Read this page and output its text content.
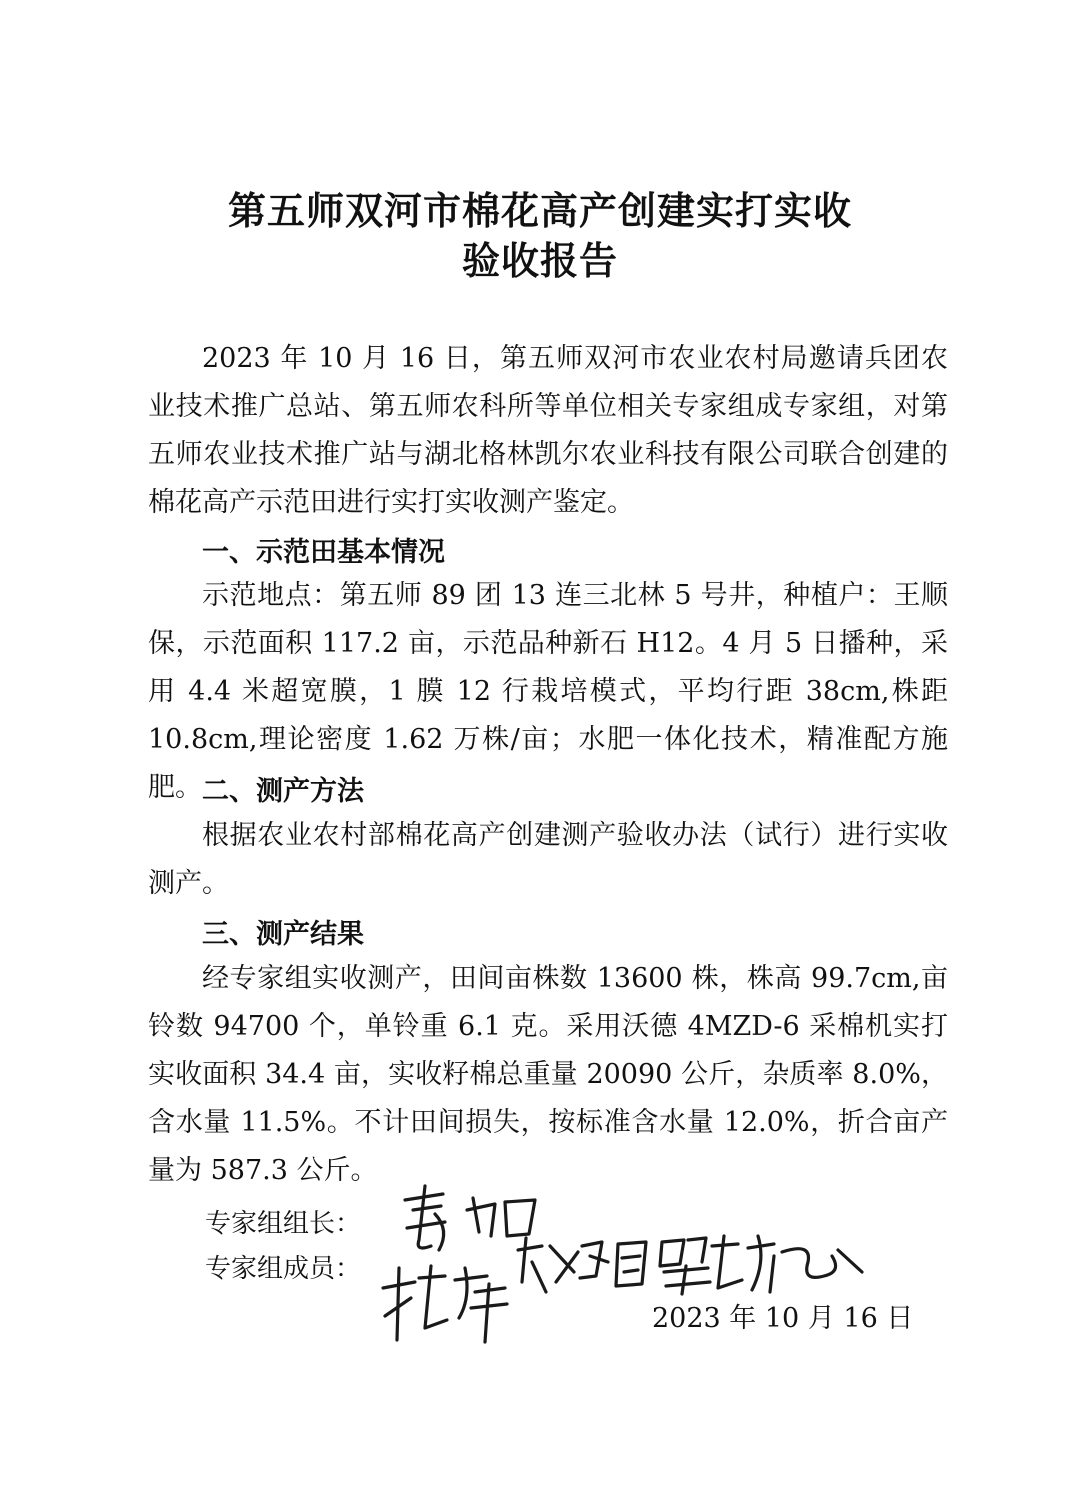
第五师双河市棉花高产创建实打实收
验收报告
2023 年 10 月 16 日，第五师双河市农业农村局邀请兵团农业技术推广总站、第五师农科所等单位相关专家组成专家组，对第五师农业技术推广站与湖北格林凯尔农业科技有限公司联合创建的棉花高产示范田进行实打实收测产鉴定。
一、示范田基本情况
示范地点：第五师 89 团 13 连三北林 5 号井，种植户：王顺保，示范面积 117.2 亩，示范品种新石 H12。4 月 5 日播种，采用 4.4 米超宽膜，1 膜 12 行栽培模式，平均行距 38cm,株距 10.8cm,理论密度 1.62 万株/亩；水肥一体化技术，精准配方施肥。 二、测产方法
根据农业农村部棉花高产创建测产验收办法（试行）进行实收测产。
三、测产结果
经专家组实收测产，田间亩株数 13600 株，株高 99.7cm,亩铃数 94700 个，单铃重 6.1 克。采用沃德 4MZD-6 采棉机实打实收面积 34.4 亩，实收籽棉总重量 20090 公斤，杂质率 8.0%，含水量 11.5%。不计田间损失，按标准含水量 12.0%，折合亩产量为 587.3 公斤。
专家组组长：
专家组成员：
2023 年 10 月 16 日
